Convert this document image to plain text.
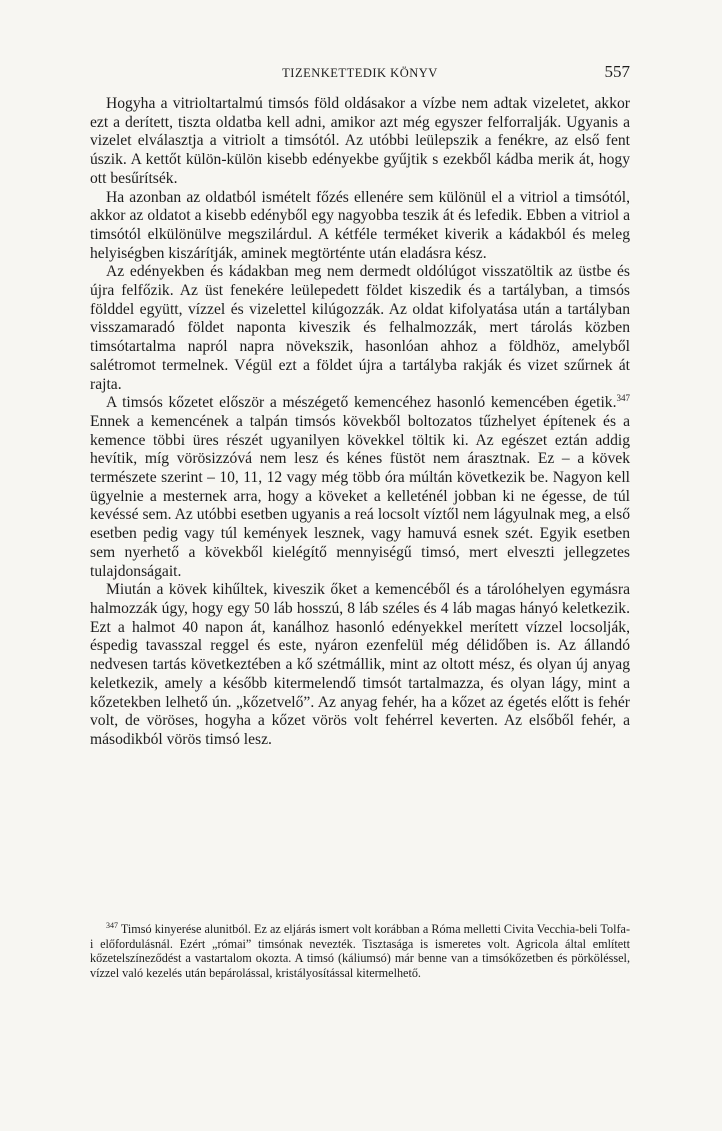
TIZENKETTEDIK KÖNYV	557

Hogyha a vitrioltartalmú timsós föld oldásakor a vízbe nem adtak vizeletet, akkor ezt a derített, tiszta oldatba kell adni, amikor azt még egyszer felforralják. Ugyanis a vizelet elválasztja a vitriolt a timsótól. Az utóbbi leülepszik a fenékre, az első fent úszik. A kettőt külön-külön kisebb edényekbe gyűjtik s ezekből kádba merik át, hogy ott besűrítsék.

Ha azonban az oldatból ismételt főzés ellenére sem különül el a vitriol a timsótól, akkor az oldatot a kisebb edényből egy nagyobba teszik át és lefedik. Ebben a vitriol a timsótól elkülönülve megszilárdul. A kétféle terméket kiverik a kádakból és meleg helyiségben kiszárítják, aminek megtörténte után eladásra kész.

Az edényekben és kádakban meg nem dermedt oldólúgot visszatöltik az üstbe és újra felfőzik. Az üst fenekére leülepedett földet kiszedik és a tartályban, a timsós földdel együtt, vízzel és vizelettel kilúgozzák. Az oldat kifolyatása után a tartályban visszamaradó földet naponta kiveszik és felhalmozzák, mert tárolás közben timsótartalma napról napra növekszik, hasonlóan ahhoz a földhöz, amelyből salétromot termelnek. Végül ezt a földet újra a tartályba rakják és vizet szűrnek át rajta.

A timsós kőzetet először a mészégető kemencéhez hasonló kemencében égetik.$^{347}$ Ennek a kemencének a talpán timsós kövekből boltozatos tűzhelyet építenek és a kemence többi üres részét ugyanilyen kövekkel töltik ki. Az egészet eztán addig hevítik, míg vörösizzóvá nem lesz és kénes füstöt nem árasztnak. Ez – a kövek természete szerint – 10, 11, 12 vagy még több óra múltán következik be. Nagyon kell ügyelnie a mesternek arra, hogy a köveket a kelleténél jobban ki ne égesse, de túl kevéssé sem. Az utóbbi esetben ugyanis a reá locsolt víztől nem lágyulnak meg, a első esetben pedig vagy túl kemények lesznek, vagy hamuvá esnek szét. Egyik esetben sem nyerhető a kövekből kielégítő mennyiségű timsó, mert elveszti jellegzetes tulajdonságait.

Miután a kövek kihűltek, kiveszik őket a kemencéből és a tárolóhelyen egymásra halmozzák úgy, hogy egy 50 láb hosszú, 8 láb széles és 4 láb magas hányó keletkezik. Ezt a halmot 40 napon át, kanálhoz hasonló edényekkel merített vízzel locsolják, éspedig tavasszal reggel és este, nyáron ezenfelül még délidőben is. Az állandó nedvesen tartás következtében a kő szétmállik, mint az oltott mész, és olyan új anyag keletkezik, amely a később kitermelendő timsót tartalmazza, és olyan lágy, mint a kőzetekben lelhető ún. „kőzetvelő”. Az anyag fehér, ha a kőzet az égetés előtt is fehér volt, de vöröses, hogyha a kőzet vörös volt fehérrel keverten. Az elsőből fehér, a másodikból vörös timsó lesz.

$^{347}$ Timsó kinyerése alunitból. Ez az eljárás ismert volt korábban a Róma melletti Civita Vecchia-beli Tolfa-i előfordulásnál. Ezért „római” timsónak nevezték. Tisztasága is ismeretes volt. Agricola által említett kőzetelszíneződést a vastartalom okozta. A timsó (káliumsó) már benne van a timsókőzetben és pörköléssel, vízzel való kezelés után bepárolással, kristályosítással kitermelhető.
